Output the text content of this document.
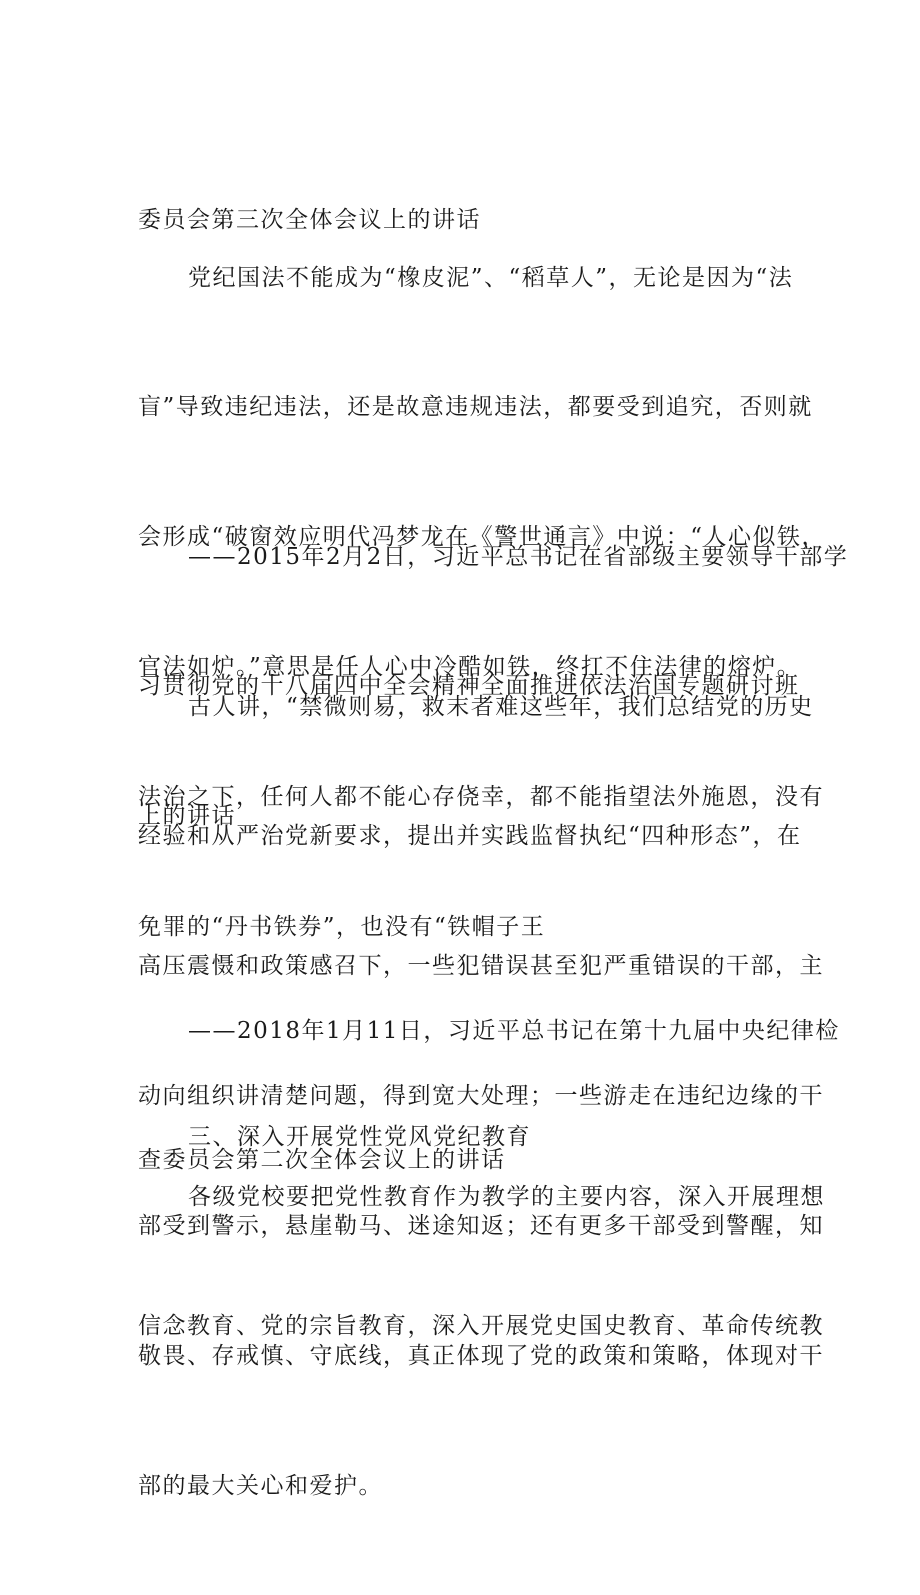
委员会第三次全体会议上的讲话

党纪国法不能成为“橡皮泥”、“稻草人”，无论是因为“法

盲”导致违纪违法，还是故意违规违法，都要受到追究，否则就

会形成“破窗效应明代冯梦龙在《警世通言》中说：“人心似铁，

官法如炉。”意思是任人心中冷酷如铁，终扛不住法律的熔炉。

法治之下，任何人都不能心存侥幸，都不能指望法外施恩，没有

免罪的“丹书铁券”，也没有“铁帽子王

——2015年2月2日，习近平总书记在省部级主要领导干部学

习贯彻党的十八届四中全会精神全面推进依法治国专题研讨班

上的讲话

古人讲，“禁微则易，救末者难这些年，我们总结党的历史

经验和从严治党新要求，提出并实践监督执纪“四种形态”，在

高压震慑和政策感召下，一些犯错误甚至犯严重错误的干部，主

动向组织讲清楚问题，得到宽大处理；一些游走在违纪边缘的干

部受到警示，悬崖勒马、迷途知返；还有更多干部受到警醒，知

敬畏、存戒慎、守底线，真正体现了党的政策和策略，体现对干

部的最大关心和爱护。

——2018年1月11日，习近平总书记在第十九届中央纪律检

查委员会第二次全体会议上的讲话

三、深入开展党性党风党纪教育

各级党校要把党性教育作为教学的主要内容，深入开展理想

信念教育、党的宗旨教育，深入开展党史国史教育、革命传统教
